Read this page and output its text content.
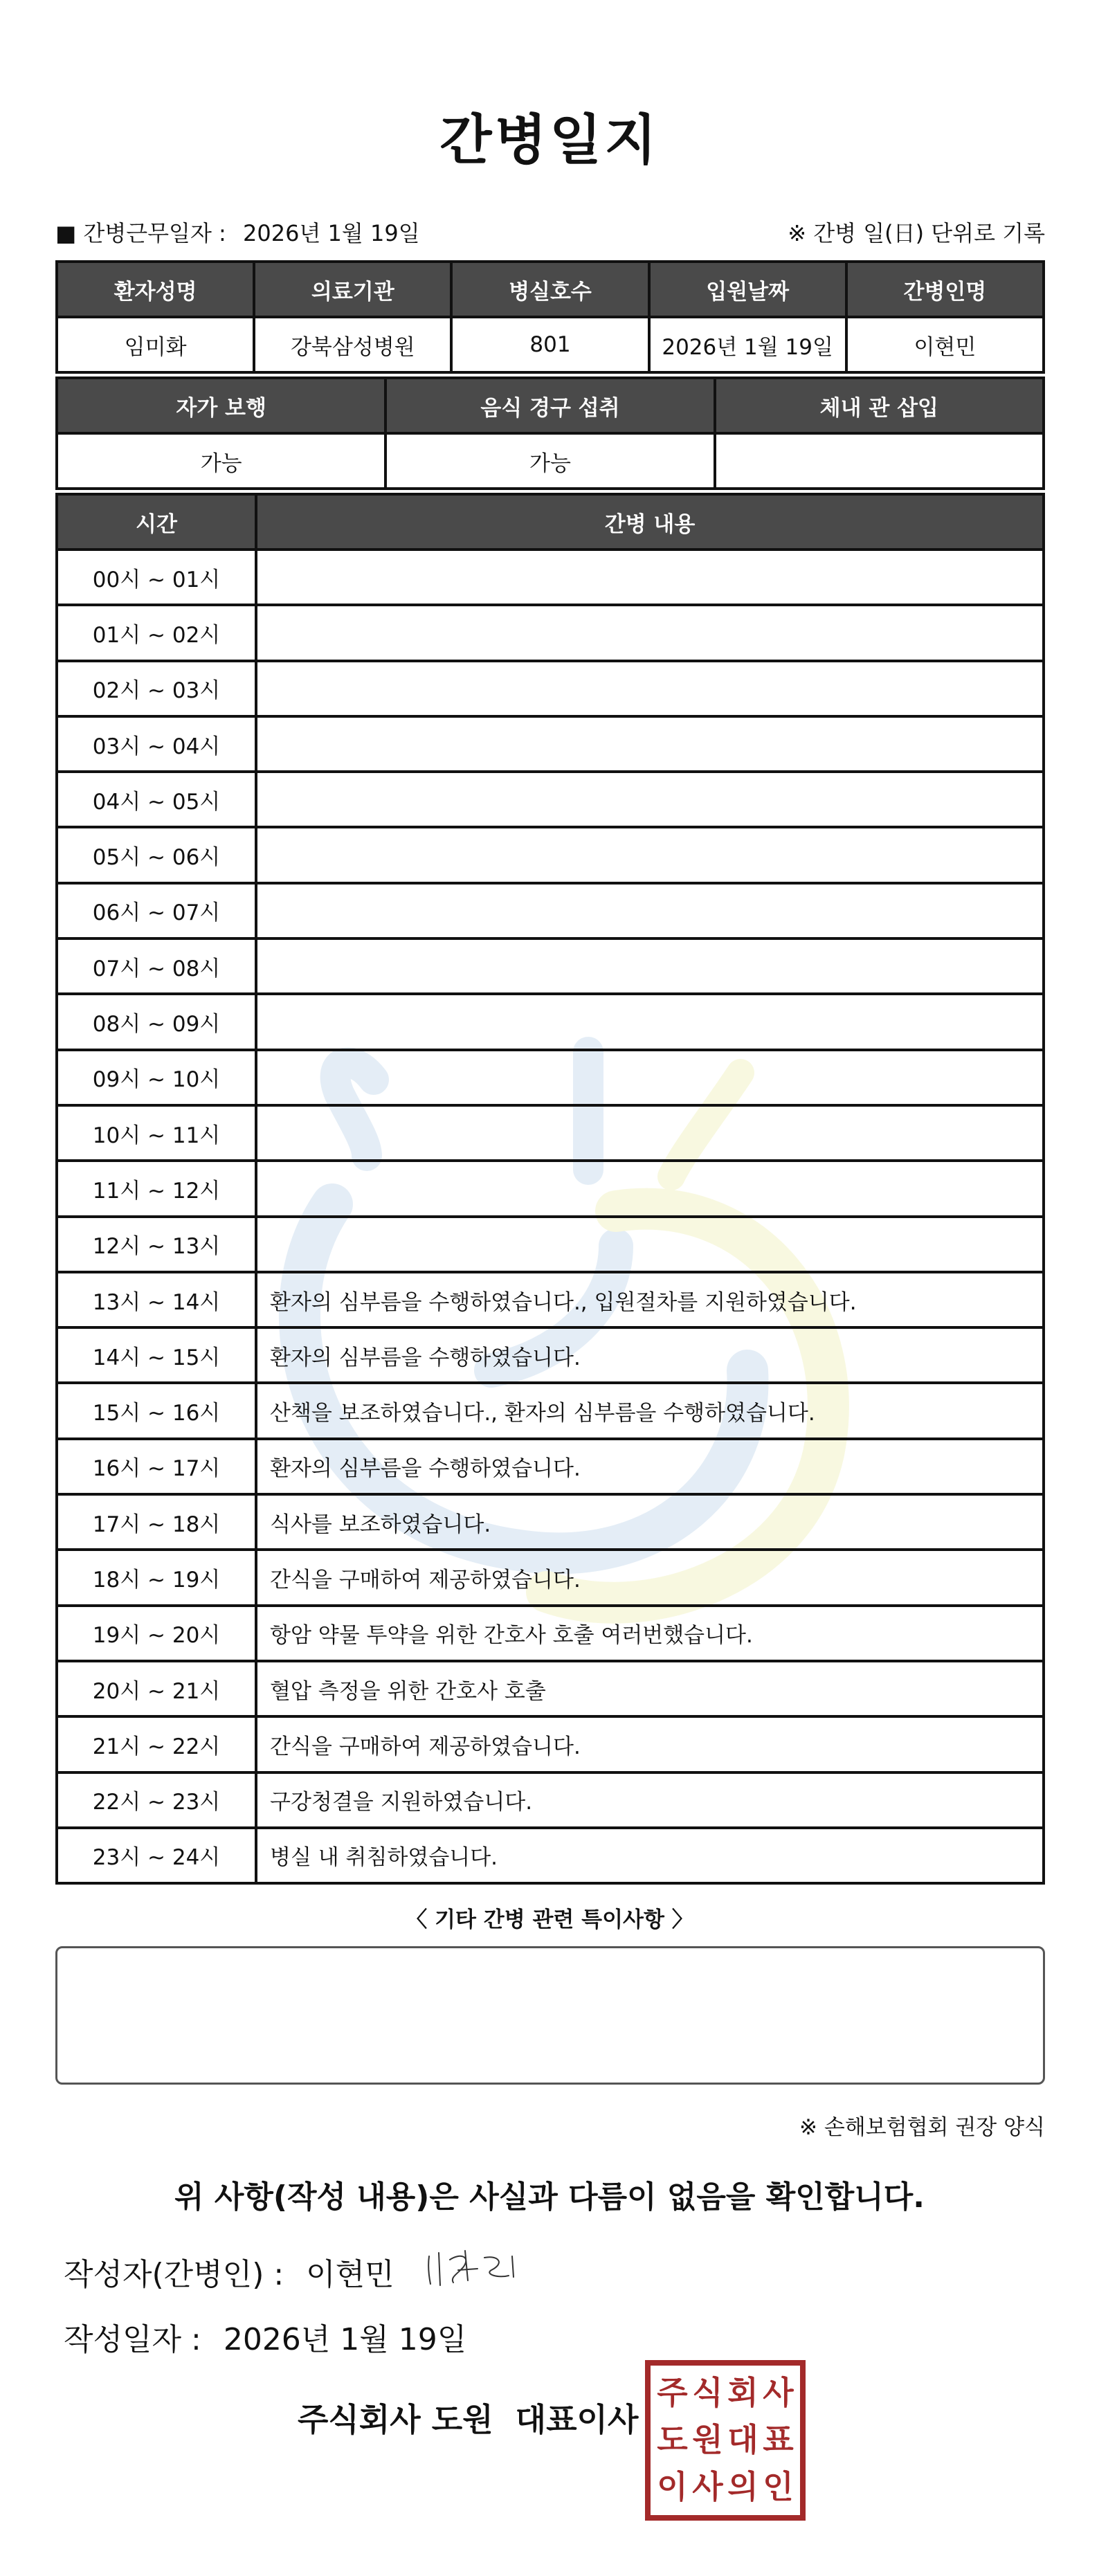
간병일지
■ 간병근무일자 : 2026년 1월 19일	※ 간병 일(日) 단위로 기록
환자성명	의료기관	병실호수	입원날짜	간병인명
임미화	강북삼성병원	801	2026년 1월 19일	이현민
자가 보행	음식 경구 섭취	체내 관 삽입
가능	가능	
시간	간병 내용
00시 ~ 01시	
01시 ~ 02시	
02시 ~ 03시	
03시 ~ 04시	
04시 ~ 05시	
05시 ~ 06시	
06시 ~ 07시	
07시 ~ 08시	
08시 ~ 09시	
09시 ~ 10시	
10시 ~ 11시	
11시 ~ 12시	
12시 ~ 13시	
13시 ~ 14시	환자의 심부름을 수행하였습니다., 입원절차를 지원하였습니다.
14시 ~ 15시	환자의 심부름을 수행하였습니다.
15시 ~ 16시	산책을 보조하였습니다., 환자의 심부름을 수행하였습니다.
16시 ~ 17시	환자의 심부름을 수행하였습니다.
17시 ~ 18시	식사를 보조하였습니다.
18시 ~ 19시	간식을 구매하여 제공하였습니다.
19시 ~ 20시	항암 약물 투약을 위한 간호사 호출 여러번했습니다.
20시 ~ 21시	혈압 측정을 위한 간호사 호출
21시 ~ 22시	간식을 구매하여 제공하였습니다.
22시 ~ 23시	구강청결을 지원하였습니다.
23시 ~ 24시	병실 내 취침하였습니다.
〈 기타 간병 관련 특이사항 〉
※ 손해보험협회 권장 양식
위 사항(작성 내용)은 사실과 다름이 없음을 확인합니다.
작성자(간병인) : 이현민
작성일자 : 2026년 1월 19일
주식회사 도원  대표이사
주 식 회 사
도 원 대 표
이 사 의 인
